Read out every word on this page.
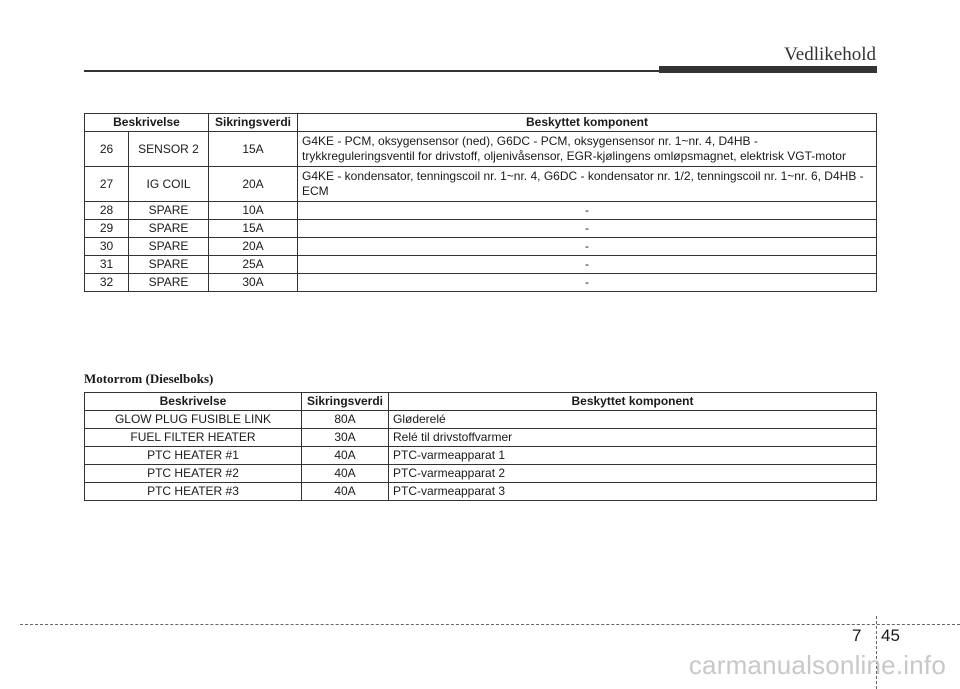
Vedlikehold
Beskrivelse		Sikringsverdi	Beskyttet komponent
26	SENSOR 2	15A	G4KE - PCM, oksygensensor (ned), G6DC - PCM, oksygensensor nr. 1~nr. 4, D4HB - trykkreguleringsventil for drivstoff, oljenivåsensor, EGR-kjølingens omløpsmagnet, elektrisk VGT-motor
27	IG COIL	20A	G4KE - kondensator, tenningscoil nr. 1~nr. 4, G6DC - kondensator nr. 1/2, tenningscoil nr. 1~nr. 6, D4HB - ECM
28	SPARE	10A	-
29	SPARE	15A	-
30	SPARE	20A	-
31	SPARE	25A	-
32	SPARE	30A	-
Motorrom (Dieselboks)
Beskrivelse	Sikringsverdi	Beskyttet komponent
GLOW PLUG FUSIBLE LINK	80A	Gløderelé
FUEL FILTER HEATER	30A	Relé til drivstoffvarmer
PTC HEATER #1	40A	PTC-varmeapparat 1
PTC HEATER #2	40A	PTC-varmeapparat 2
PTC HEATER #3	40A	PTC-varmeapparat 3
7 45
carmanualsonline.info
